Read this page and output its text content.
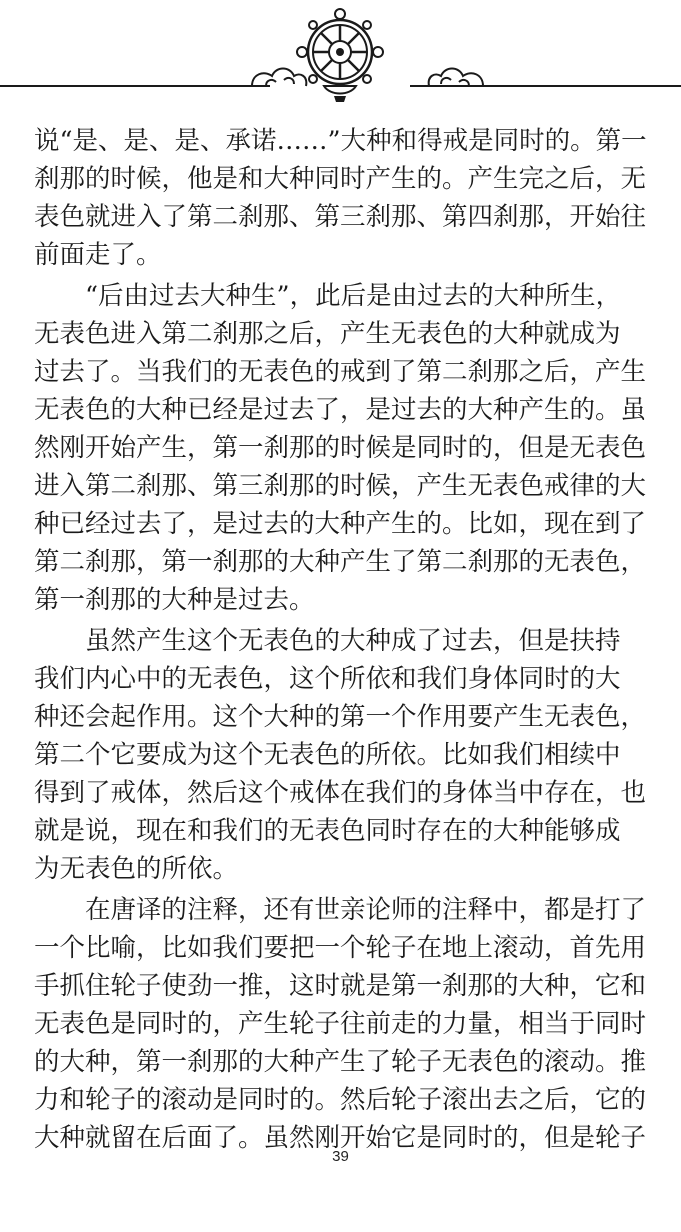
说“是、是、是、承诺……”大种和得戒是同时的。第一
刹那的时候，他是和大种同时产生的。产生完之后，无
表色就进入了第二刹那、第三刹那、第四刹那，开始往
前面走了。
　　“后由过去大种生”，此后是由过去的大种所生，
无表色进入第二刹那之后，产生无表色的大种就成为
过去了。当我们的无表色的戒到了第二刹那之后，产生
无表色的大种已经是过去了，是过去的大种产生的。虽
然刚开始产生，第一刹那的时候是同时的，但是无表色
进入第二刹那、第三刹那的时候，产生无表色戒律的大
种已经过去了，是过去的大种产生的。比如，现在到了
第二刹那，第一刹那的大种产生了第二刹那的无表色，
第一刹那的大种是过去。
　　虽然产生这个无表色的大种成了过去，但是扶持
我们内心中的无表色，这个所依和我们身体同时的大
种还会起作用。这个大种的第一个作用要产生无表色，
第二个它要成为这个无表色的所依。比如我们相续中
得到了戒体，然后这个戒体在我们的身体当中存在，也
就是说，现在和我们的无表色同时存在的大种能够成
为无表色的所依。
　　在唐译的注释，还有世亲论师的注释中，都是打了
一个比喻，比如我们要把一个轮子在地上滚动，首先用
手抓住轮子使劲一推，这时就是第一刹那的大种，它和
无表色是同时的，产生轮子往前走的力量，相当于同时
的大种，第一刹那的大种产生了轮子无表色的滚动。推
力和轮子的滚动是同时的。然后轮子滚出去之后，它的
大种就留在后面了。虽然刚开始它是同时的，但是轮子
39
